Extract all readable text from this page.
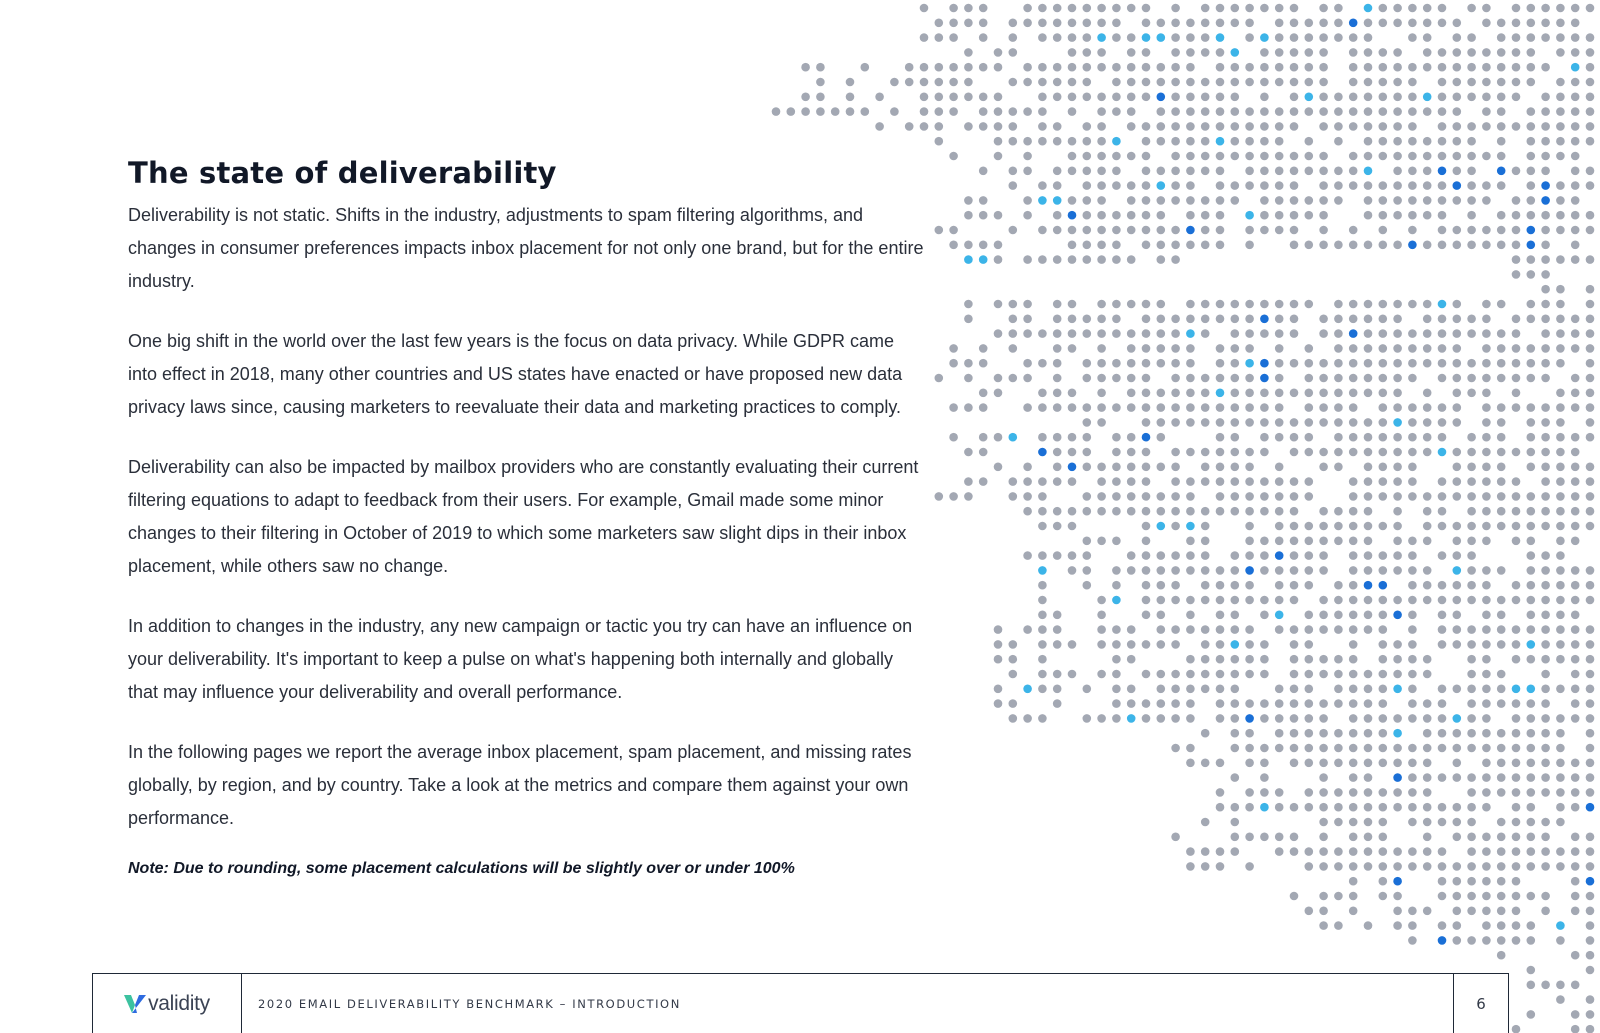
The state of deliverability

Deliverability is not static. Shifts in the industry, adjustments to spam filtering algorithms, and changes in consumer preferences impacts inbox placement for not only one brand, but for the entire industry.

One big shift in the world over the last few years is the focus on data privacy. While GDPR came into effect in 2018, many other countries and US states have enacted or have proposed new data privacy laws since, causing marketers to reevaluate their data and marketing practices to comply.

Deliverability can also be impacted by mailbox providers who are constantly evaluating their current filtering equations to adapt to feedback from their users. For example, Gmail made some minor changes to their filtering in October of 2019 to which some marketers saw slight dips in their inbox placement, while others saw no change.

In addition to changes in the industry, any new campaign or tactic you try can have an influence on your deliverability. It's important to keep a pulse on what's happening both internally and globally that may influence your deliverability and overall performance.

In the following pages we report the average inbox placement, spam placement, and missing rates globally, by region, and by country. Take a look at the metrics and compare them against your own performance.

Note: Due to rounding, some placement calculations will be slightly over or under 100%

validity	2020 EMAIL DELIVERABILITY BENCHMARK – INTRODUCTION	6
